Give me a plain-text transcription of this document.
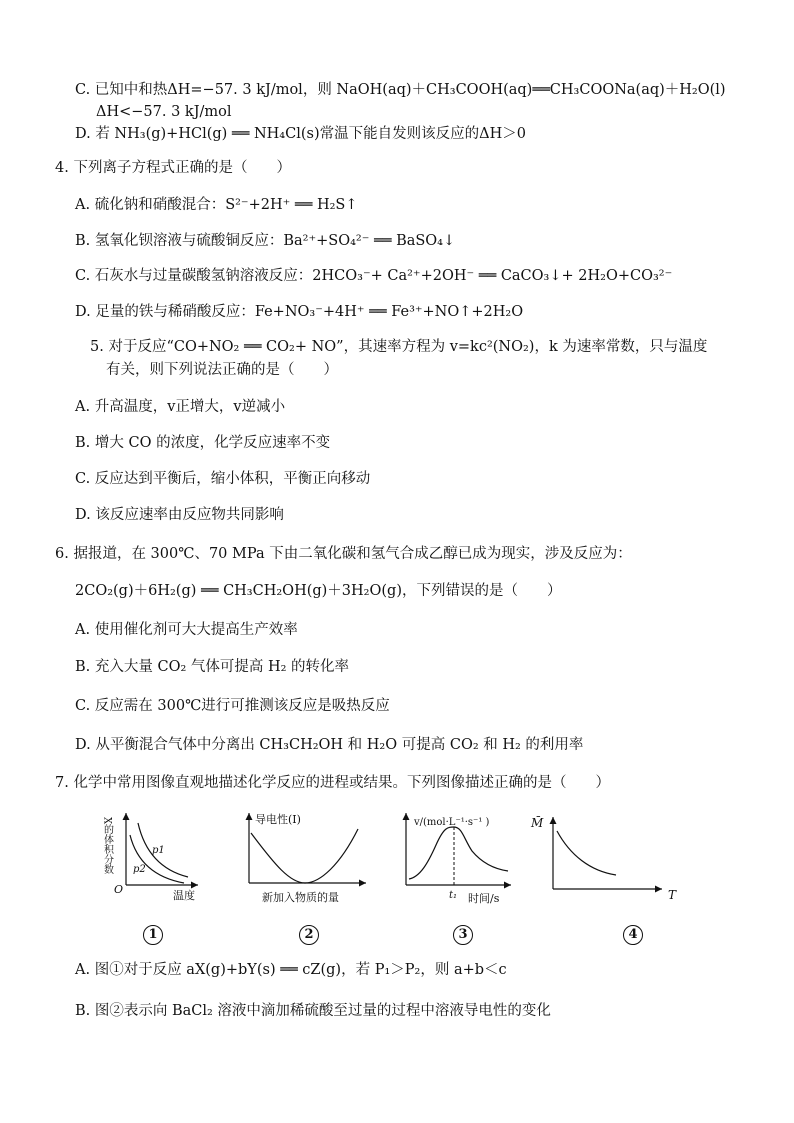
C. 已知中和热ΔH=−57. 3 kJ/mol，则 NaOH(aq)＋CH₃COOH(aq)══CH₃COONa(aq)＋H₂O(l)
ΔH<−57. 3 kJ/mol
D. 若 NH₃(g)+HCl(g) ══ NH₄Cl(s)常温下能自发则该反应的ΔH＞0
4. 下列离子方程式正确的是（　　）
A. 硫化钠和硝酸混合：S²⁻+2H⁺ ══ H₂S↑
B. 氢氧化钡溶液与硫酸铜反应：Ba²⁺+SO₄²⁻ ══ BaSO₄↓
C. 石灰水与过量碳酸氢钠溶液反应：2HCO₃⁻+ Ca²⁺+2OH⁻ ══ CaCO₃↓+ 2H₂O+CO₃²⁻
D. 足量的铁与稀硝酸反应：Fe+NO₃⁻+4H⁺ ══ Fe³⁺+NO↑+2H₂O
5. 对于反应“CO+NO₂ ══ CO₂+ NO”，其速率方程为 v=kc²(NO₂)，k 为速率常数，只与温度
有关，则下列说法正确的是（　　）
A. 升高温度，v正增大，v逆减小
B. 增大 CO 的浓度，化学反应速率不变
C. 反应达到平衡后，缩小体积，平衡正向移动
D. 该反应速率由反应物共同影响
6. 据报道，在 300℃、70 MPa 下由二氧化碳和氢气合成乙醇已成为现实，涉及反应为：
2CO₂(g)＋6H₂(g) ══ CH₃CH₂OH(g)＋3H₂O(g)，下列错误的是（　　）
A. 使用催化剂可大大提高生产效率
B. 充入大量 CO₂ 气体可提高 H₂ 的转化率
C. 反应需在 300℃进行可推测该反应是吸热反应
D. 从平衡混合气体中分离出 CH₃CH₂OH 和 H₂O 可提高 CO₂ 和 H₂ 的利用率
7. 化学中常用图像直观地描述化学反应的进程或结果。下列图像描述正确的是（　　）
A. 图①对于反应 aX(g)+bY(s) ══ cZ(g)，若 P₁＞P₂，则 a+b＜c
B. 图②表示向 BaCl₂ 溶液中滴加稀硫酸至过量的过程中溶液导电性的变化
X的体积分数
O	温度
p1
p2
导电性(I)
新加入物质的量
v/(mol·L⁻¹·s⁻¹ )
t₁ 时间/s
M̄
T
1	2	3	4
